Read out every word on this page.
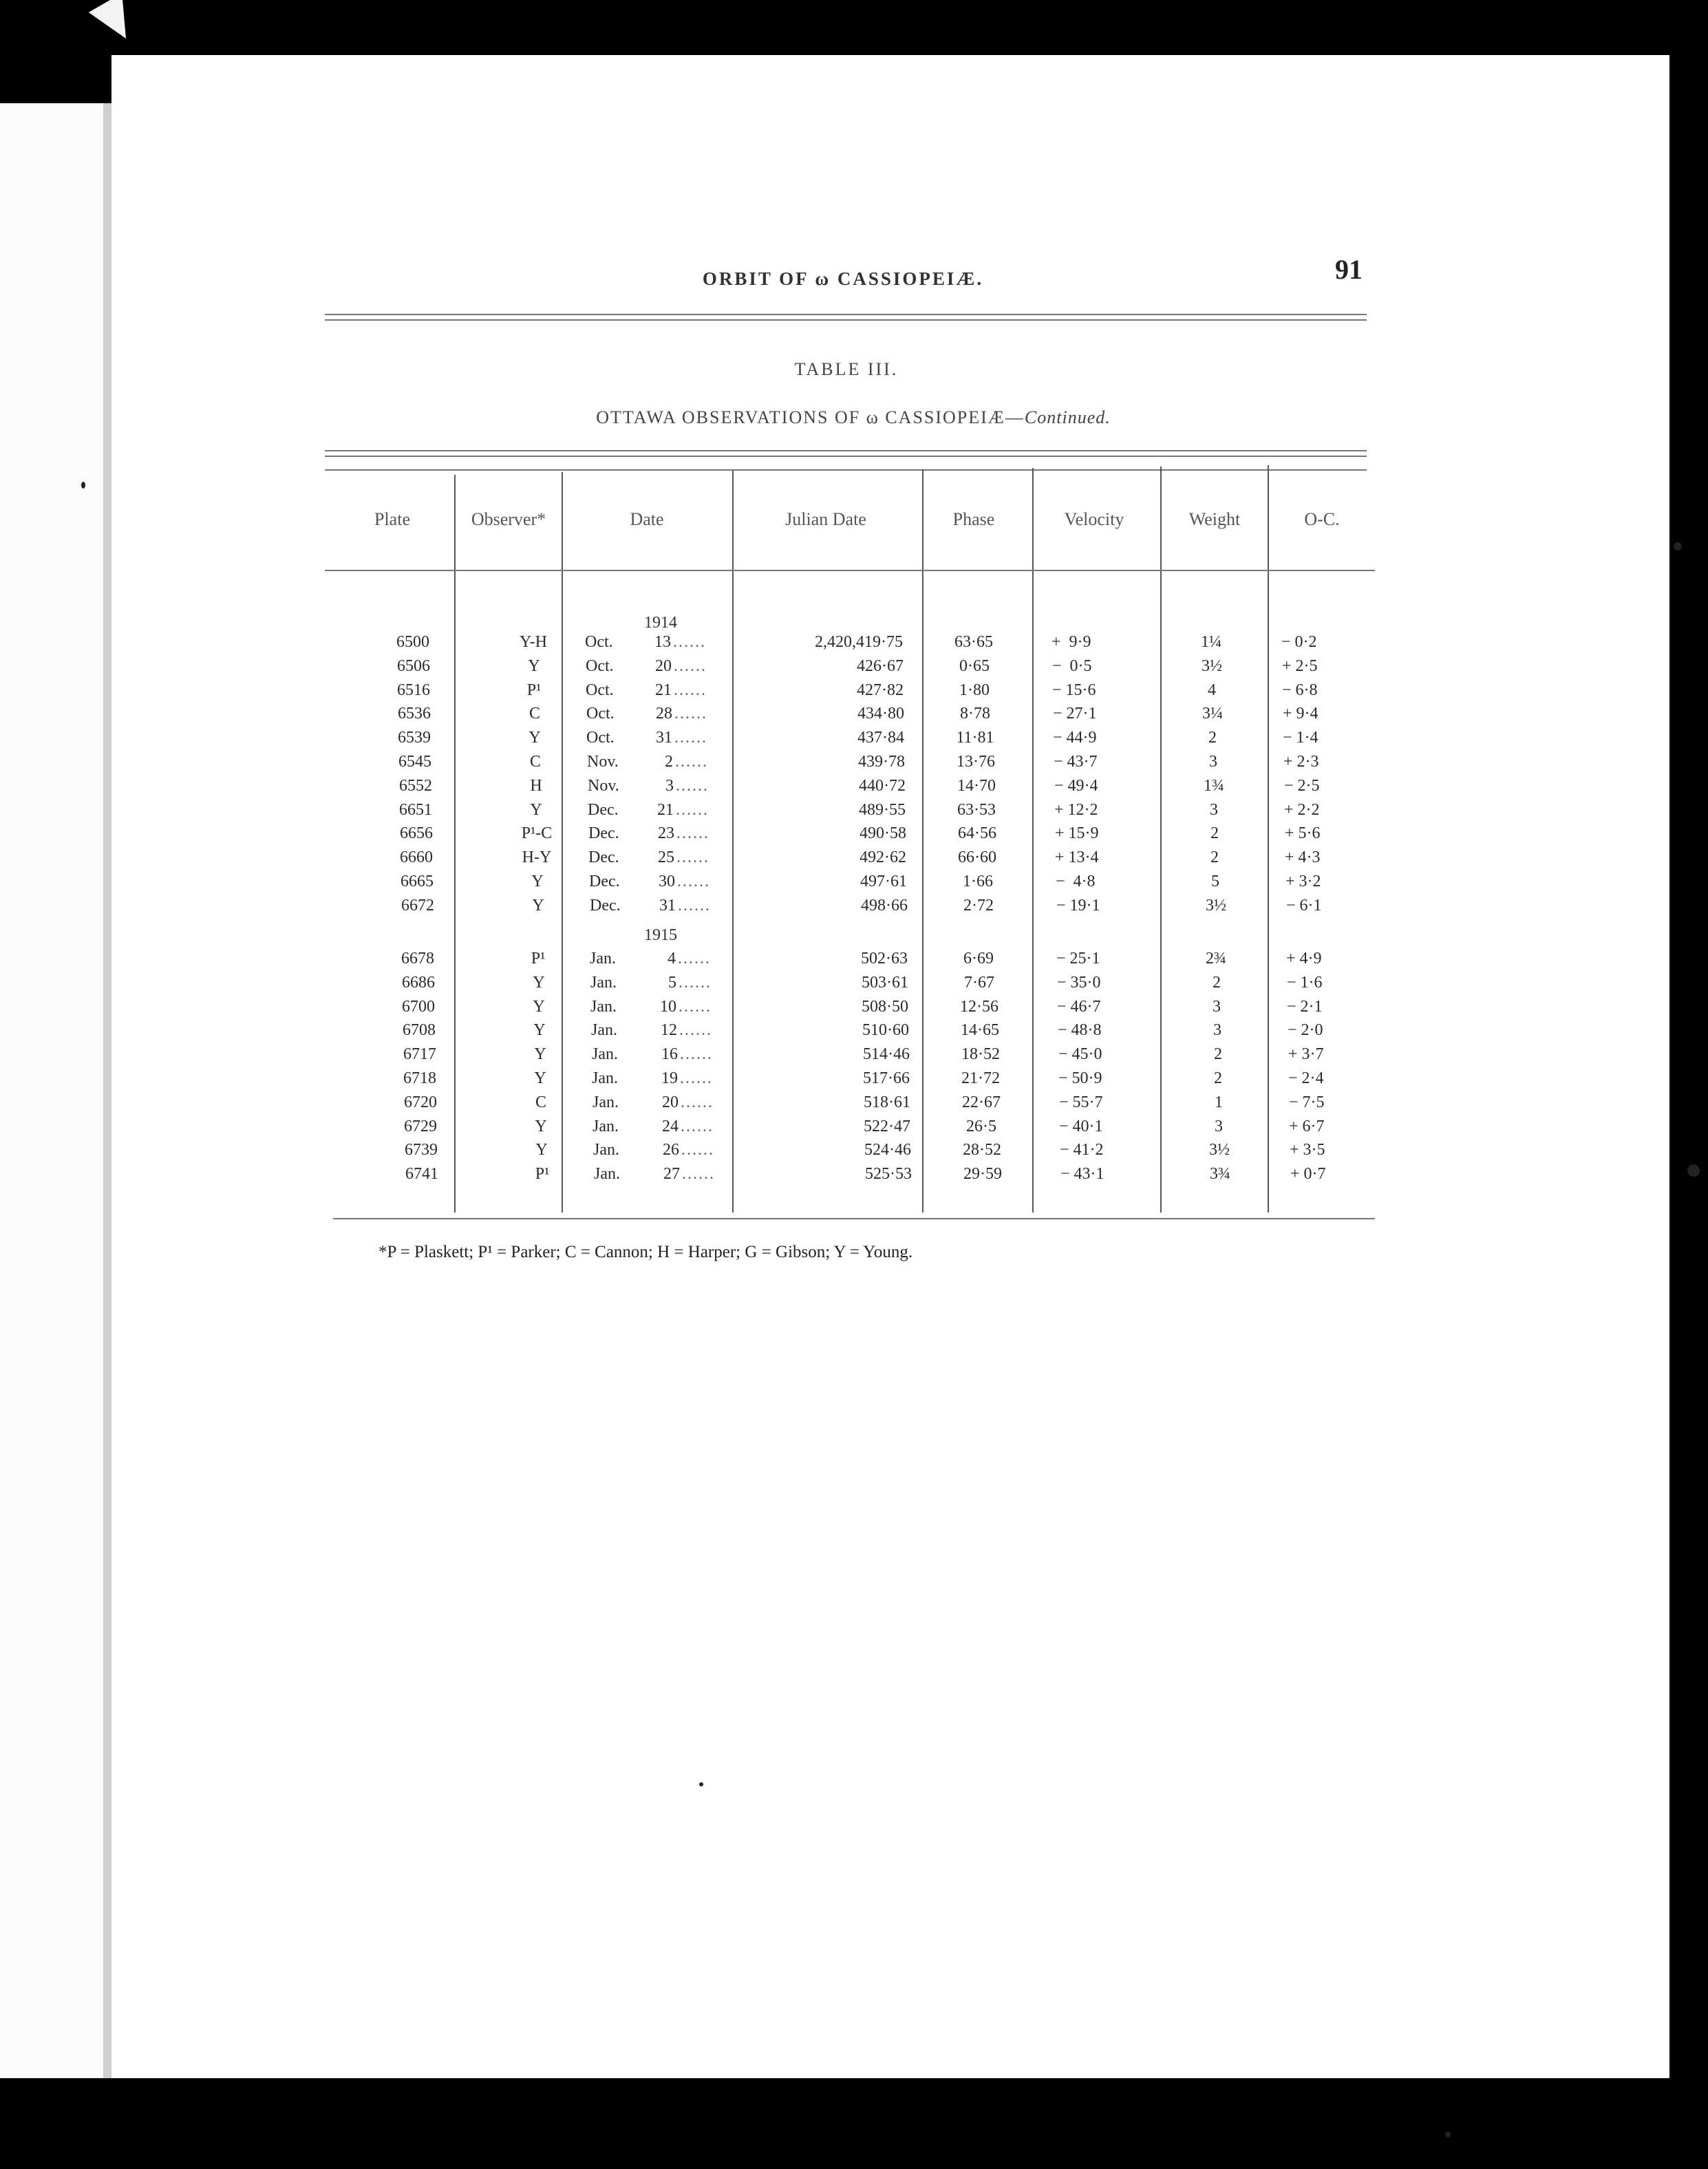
ORBIT OF ω CASSIOPEIÆ.	91
TABLE III.
OTTAWA OBSERVATIONS OF ω CASSIOPEIÆ—Continued.
Plate	Observer*	Date	Julian Date	Phase	Velocity	Weight	O-C.
1914
1915
6500	Y-H	Oct.	13 ......	2,420,419·75	63·65	+  9·9	1¼	− 0·2
6506	Y	Oct.	20 ......	426·67	0·65	−  0·5	3½	+ 2·5
6516	P¹	Oct.	21 ......	427·82	1·80	− 15·6	4	− 6·8
6536	C	Oct.	28 ......	434·80	8·78	− 27·1	3¼	+ 9·4
6539	Y	Oct.	31 ......	437·84	11·81	− 44·9	2	− 1·4
6545	C	Nov.	2 ......	439·78	13·76	− 43·7	3	+ 2·3
6552	H	Nov.	3 ......	440·72	14·70	− 49·4	1¾	− 2·5
6651	Y	Dec.	21 ......	489·55	63·53	+ 12·2	3	+ 2·2
6656	P¹-C	Dec.	23 ......	490·58	64·56	+ 15·9	2	+ 5·6
6660	H-Y	Dec.	25 ......	492·62	66·60	+ 13·4	2	+ 4·3
6665	Y	Dec.	30 ......	497·61	1·66	−  4·8	5	+ 3·2
6672	Y	Dec.	31 ......	498·66	2·72	− 19·1	3½	− 6·1
6678	P¹	Jan.	4 ......	502·63	6·69	− 25·1	2¾	+ 4·9
6686	Y	Jan.	5 ......	503·61	7·67	− 35·0	2	− 1·6
6700	Y	Jan.	10 ......	508·50	12·56	− 46·7	3	− 2·1
6708	Y	Jan.	12 ......	510·60	14·65	− 48·8	3	− 2·0
6717	Y	Jan.	16 ......	514·46	18·52	− 45·0	2	+ 3·7
6718	Y	Jan.	19 ......	517·66	21·72	− 50·9	2	− 2·4
6720	C	Jan.	20 ......	518·61	22·67	− 55·7	1	− 7·5
6729	Y	Jan.	24 ......	522·47	26·5	− 40·1	3	+ 6·7
6739	Y	Jan.	26 ......	524·46	28·52	− 41·2	3½	+ 3·5
6741	P¹	Jan.	27 ......	525·53	29·59	− 43·1	3¾	+ 0·7
*P = Plaskett; P¹ = Parker; C = Cannon; H = Harper; G = Gibson; Y = Young.
